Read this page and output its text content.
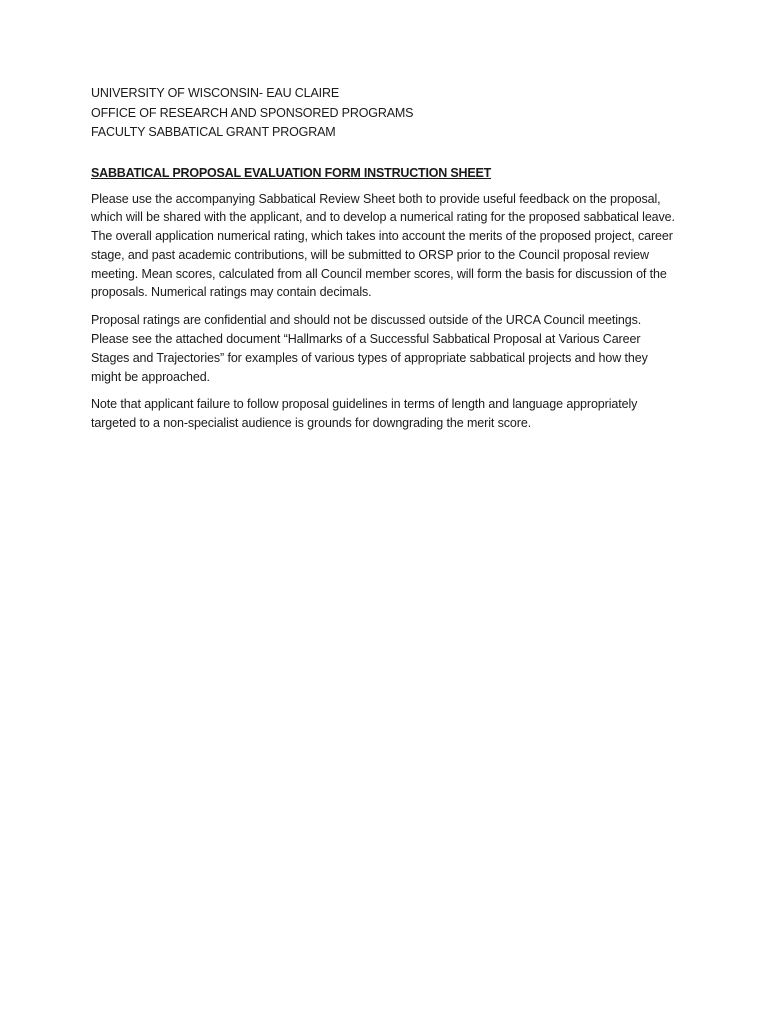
UNIVERSITY OF WISCONSIN- EAU CLAIRE
OFFICE OF RESEARCH AND SPONSORED PROGRAMS
FACULTY SABBATICAL GRANT PROGRAM
SABBATICAL PROPOSAL EVALUATION FORM INSTRUCTION SHEET

Please use the accompanying Sabbatical Review Sheet both to provide useful feedback on the proposal, which will be shared with the applicant, and to develop a numerical rating for the proposed sabbatical leave. The overall application numerical rating, which takes into account the merits of the proposed project, career stage, and past academic contributions, will be submitted to ORSP prior to the Council proposal review meeting. Mean scores, calculated from all Council member scores, will form the basis for discussion of the proposals. Numerical ratings may contain decimals.

Proposal ratings are confidential and should not be discussed outside of the URCA Council meetings. Please see the attached document “Hallmarks of a Successful Sabbatical Proposal at Various Career Stages and Trajectories” for examples of various types of appropriate sabbatical projects and how they might be approached.

Note that applicant failure to follow proposal guidelines in terms of length and language appropriately targeted to a non-specialist audience is grounds for downgrading the merit score.
